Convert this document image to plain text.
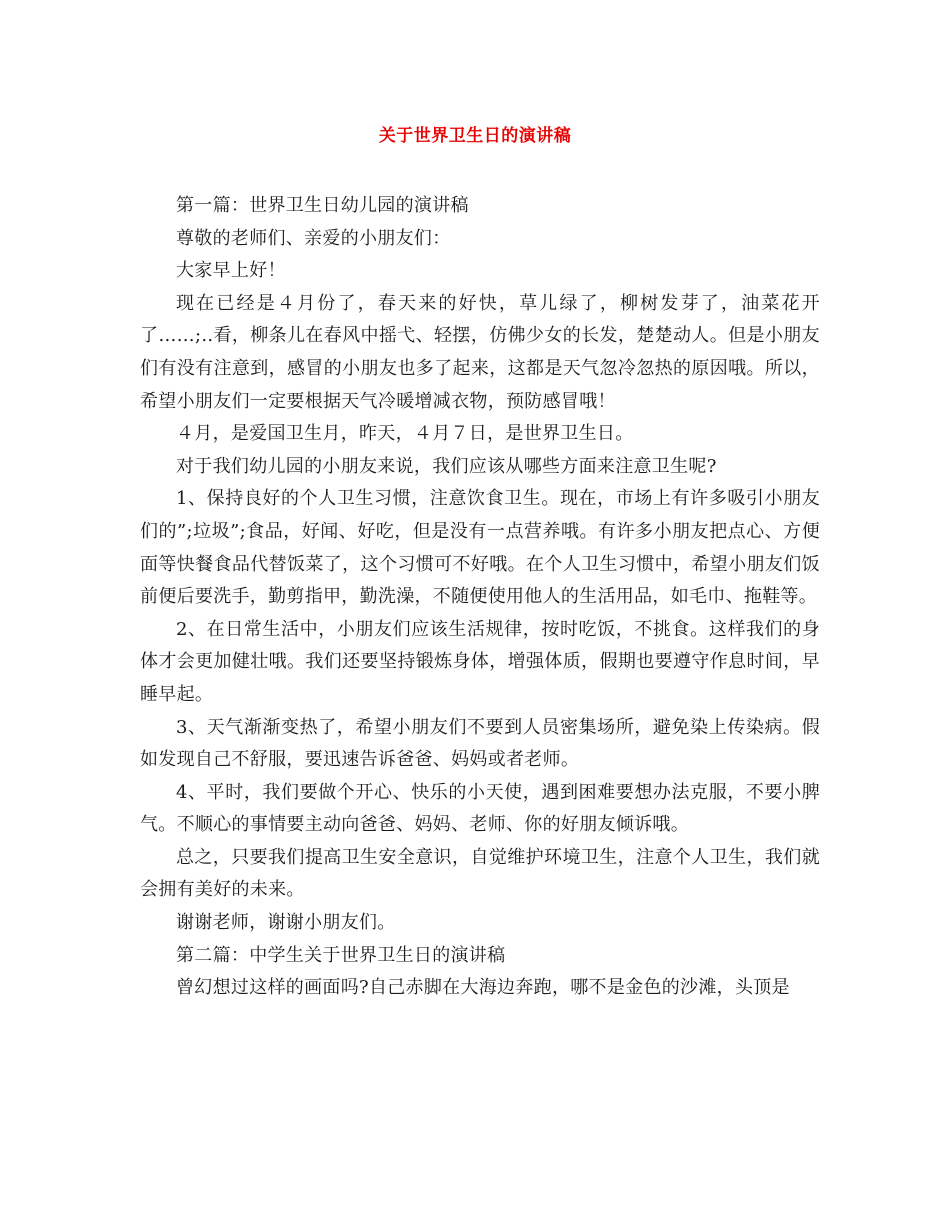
关于世界卫生日的演讲稿

第一篇：世界卫生日幼儿园的演讲稿

尊敬的老师们、亲爱的小朋友们：

大家早上好！

现在已经是４月份了，春天来的好快，草儿绿了，柳树发芽了，油菜花开了……;..看，柳条儿在春风中摇弋、轻摆，仿佛少女的长发，楚楚动人。但是小朋友们有没有注意到，感冒的小朋友也多了起来，这都是天气忽冷忽热的原因哦。所以，希望小朋友们一定要根据天气冷暖增减衣物，预防感冒哦！

４月，是爱国卫生月，昨天，４月７日，是世界卫生日。

对于我们幼儿园的小朋友来说，我们应该从哪些方面来注意卫生呢?

1、保持良好的个人卫生习惯，注意饮食卫生。现在，市场上有许多吸引小朋友们的”;垃圾”;食品，好闻、好吃，但是没有一点营养哦。有许多小朋友把点心、方便面等快餐食品代替饭菜了，这个习惯可不好哦。在个人卫生习惯中，希望小朋友们饭前便后要洗手，勤剪指甲，勤洗澡，不随便使用他人的生活用品，如毛巾、拖鞋等。

2、在日常生活中，小朋友们应该生活规律，按时吃饭，不挑食。这样我们的身体才会更加健壮哦。我们还要坚持锻炼身体，增强体质，假期也要遵守作息时间，早睡早起。

3、天气渐渐变热了，希望小朋友们不要到人员密集场所，避免染上传染病。假如发现自己不舒服，要迅速告诉爸爸、妈妈或者老师。

4、平时，我们要做个开心、快乐的小天使，遇到困难要想办法克服，不要小脾气。不顺心的事情要主动向爸爸、妈妈、老师、你的好朋友倾诉哦。

总之，只要我们提高卫生安全意识，自觉维护环境卫生，注意个人卫生，我们就会拥有美好的未来。

谢谢老师，谢谢小朋友们。

第二篇：中学生关于世界卫生日的演讲稿

曾幻想过这样的画面吗?自己赤脚在大海边奔跑，哪不是金色的沙滩，头顶是
